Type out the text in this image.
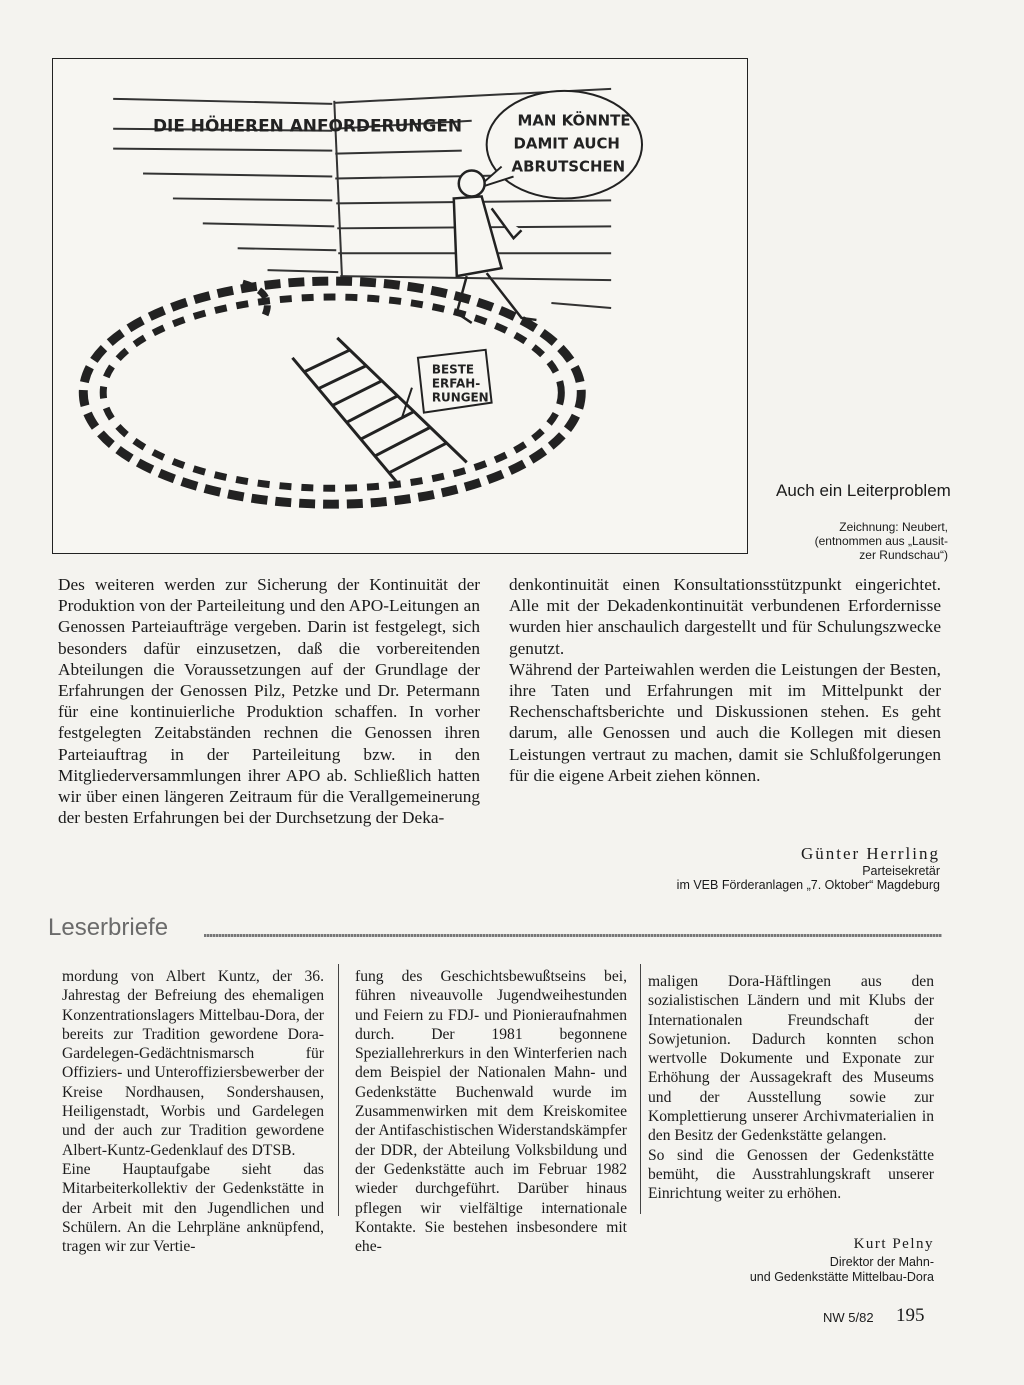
DIE HÖHEREN ANFORDERUNGEN	MAN KÖNNTE
DAMIT AUCH
ABRUTSCHEN
BESTE
ERFAH-
RUNGEN
Auch ein Leiterproblem
Zeichnung: Neubert,
(entnommen aus „Lausit-
zer Rundschau“)

Des weiteren werden zur Sicherung der Kontinuität der Produktion von der Parteileitung und den APO-Leitungen an Genossen Parteiaufträge vergeben. Darin ist festgelegt, sich besonders dafür einzusetzen, daß die vorbereitenden Abteilungen die Voraussetzungen auf der Grundlage der Erfahrungen der Genossen Pilz, Petzke und Dr. Petermann für eine kontinuierliche Produktion schaffen. In vorher festgelegten Zeitabständen rechnen die Genossen ihren Parteiauftrag in der Parteileitung bzw. in den Mitgliederversammlungen ihrer APO ab. Schließlich hatten wir über einen längeren Zeitraum für die Verallgemeinerung der besten Erfahrungen bei der Durchsetzung der Deka-

denkontinuität einen Konsultationsstützpunkt eingerichtet. Alle mit der Dekadenkontinuität verbundenen Erfordernisse wurden hier anschaulich dargestellt und für Schulungszwecke genutzt.

Während der Parteiwahlen werden die Leistungen der Besten, ihre Taten und Erfahrungen mit im Mittelpunkt der Rechenschaftsberichte und Diskussionen stehen. Es geht darum, alle Genossen und auch die Kollegen mit diesen Leistungen vertraut zu machen, damit sie Schlußfolgerungen für die eigene Arbeit ziehen können.

Günter Herrling
Parteisekretär
im VEB Förderanlagen „7. Oktober“ Magdeburg
Leserbriefe

mordung von Albert Kuntz, der 36. Jahrestag der Befreiung des ehemaligen Konzentrationslagers Mittelbau-Dora, der bereits zur Tradition gewordene Dora-Gardelegen-Gedächtnismarsch für Offiziers- und Unteroffiziersbewerber der Kreise Nordhausen, Sondershausen, Heiligenstadt, Worbis und Gardelegen und der auch zur Tradition gewordene Albert-Kuntz-Gedenklauf des DTSB.

Eine Hauptaufgabe sieht das Mitarbeiterkollektiv der Gedenkstätte in der Arbeit mit den Jugendlichen und Schülern. An die Lehrpläne anknüpfend, tragen wir zur Vertie-

fung des Geschichtsbewußtseins bei, führen niveauvolle Jugendweihestunden und Feiern zu FDJ- und Pionieraufnahmen durch. Der 1981 begonnene Speziallehrerkurs in den Winterferien nach dem Beispiel der Nationalen Mahn- und Gedenkstätte Buchenwald wurde im Zusammenwirken mit dem Kreiskomitee der Antifaschistischen Widerstandskämpfer der DDR, der Abteilung Volksbildung und der Gedenkstätte auch im Februar 1982 wieder durchgeführt. Darüber hinaus pflegen wir vielfältige internationale Kontakte. Sie bestehen insbesondere mit ehe-

maligen Dora-Häftlingen aus den sozialistischen Ländern und mit Klubs der Internationalen Freundschaft der Sowjetunion. Dadurch konnten schon wertvolle Dokumente und Exponate zur Erhöhung der Aussagekraft des Museums und der Ausstellung sowie zur Komplettierung unserer Archivmaterialien in den Besitz der Gedenkstätte gelangen.

So sind die Genossen der Gedenkstätte bemüht, die Ausstrahlungskraft unserer Einrichtung weiter zu erhöhen.

Kurt Pelny
Direktor der Mahn-
und Gedenkstätte Mittelbau-Dora
NW 5/82 195
